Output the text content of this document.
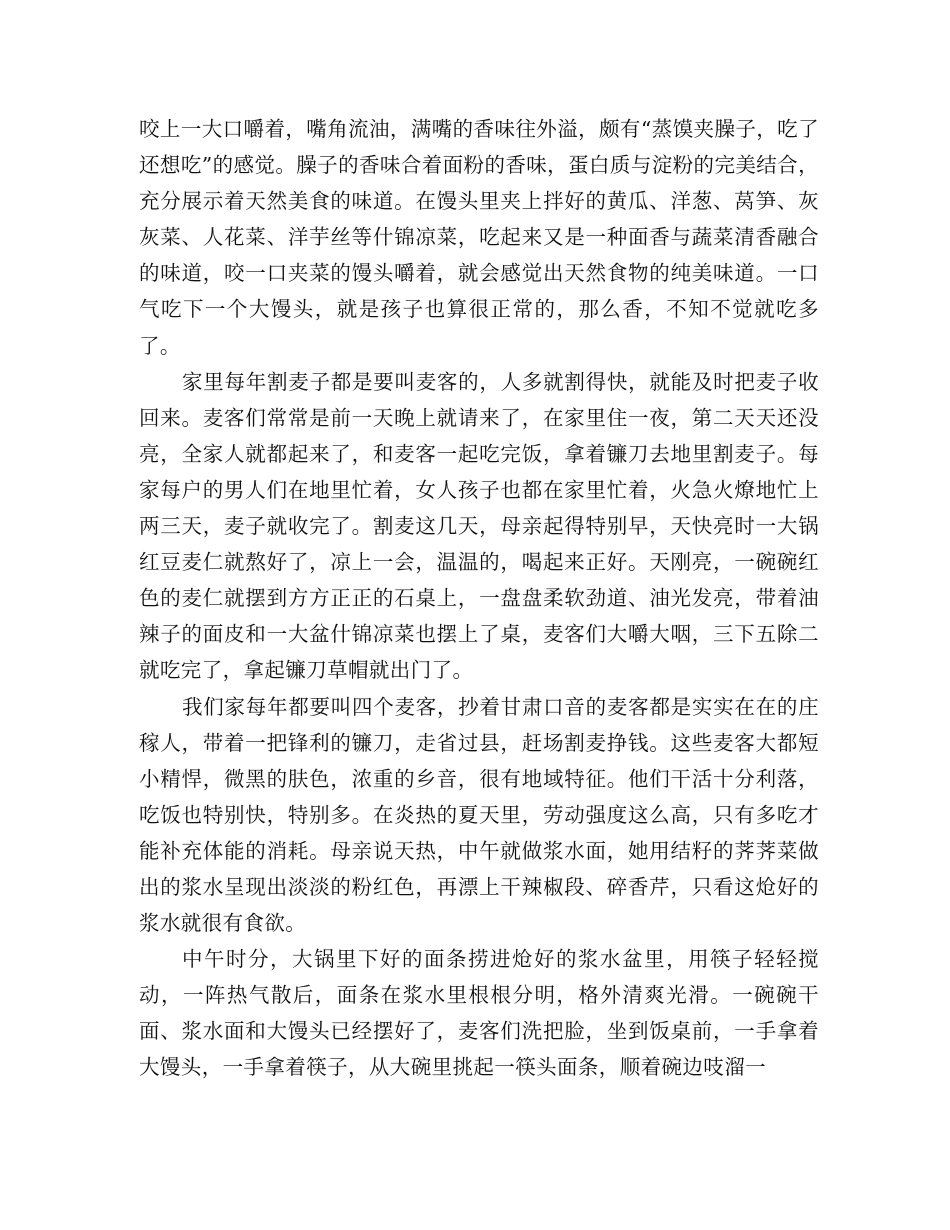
咬上一大口嚼着，嘴角流油，满嘴的香味往外溢，颇有“蒸馍夹臊子，吃了还想吃”的感觉。臊子的香味合着面粉的香味，蛋白质与淀粉的完美结合，充分展示着天然美食的味道。在馒头里夹上拌好的黄瓜、洋葱、莴笋、灰灰菜、人花菜、洋芋丝等什锦凉菜，吃起来又是一种面香与蔬菜清香融合的味道，咬一口夹菜的馒头嚼着，就会感觉出天然食物的纯美味道。一口气吃下一个大馒头，就是孩子也算很正常的，那么香，不知不觉就吃多了。

家里每年割麦子都是要叫麦客的，人多就割得快，就能及时把麦子收回来。麦客们常常是前一天晚上就请来了，在家里住一夜，第二天天还没亮，全家人就都起来了，和麦客一起吃完饭，拿着镰刀去地里割麦子。每家每户的男人们在地里忙着，女人孩子也都在家里忙着，火急火燎地忙上两三天，麦子就收完了。割麦这几天，母亲起得特别早，天快亮时一大锅红豆麦仁就熬好了，凉上一会，温温的，喝起来正好。天刚亮，一碗碗红色的麦仁就摆到方方正正的石桌上，一盘盘柔软劲道、油光发亮，带着油辣子的面皮和一大盆什锦凉菜也摆上了桌，麦客们大嚼大咽，三下五除二就吃完了，拿起镰刀草帽就出门了。

我们家每年都要叫四个麦客，抄着甘肃口音的麦客都是实实在在的庄稼人，带着一把锋利的镰刀，走省过县，赶场割麦挣钱。这些麦客大都短小精悍，微黑的肤色，浓重的乡音，很有地域特征。他们干活十分利落，吃饭也特别快，特别多。在炎热的夏天里，劳动强度这么高，只有多吃才能补充体能的消耗。母亲说天热，中午就做浆水面，她用结籽的荠荠菜做出的浆水呈现出淡淡的粉红色，再漂上干辣椒段、碎香芹，只看这炝好的浆水就很有食欲。

中午时分，大锅里下好的面条捞进炝好的浆水盆里，用筷子轻轻搅动，一阵热气散后，面条在浆水里根根分明，格外清爽光滑。一碗碗干面、浆水面和大馒头已经摆好了，麦客们洗把脸，坐到饭桌前，一手拿着大馒头，一手拿着筷子，从大碗里挑起一筷头面条，顺着碗边吱溜一
